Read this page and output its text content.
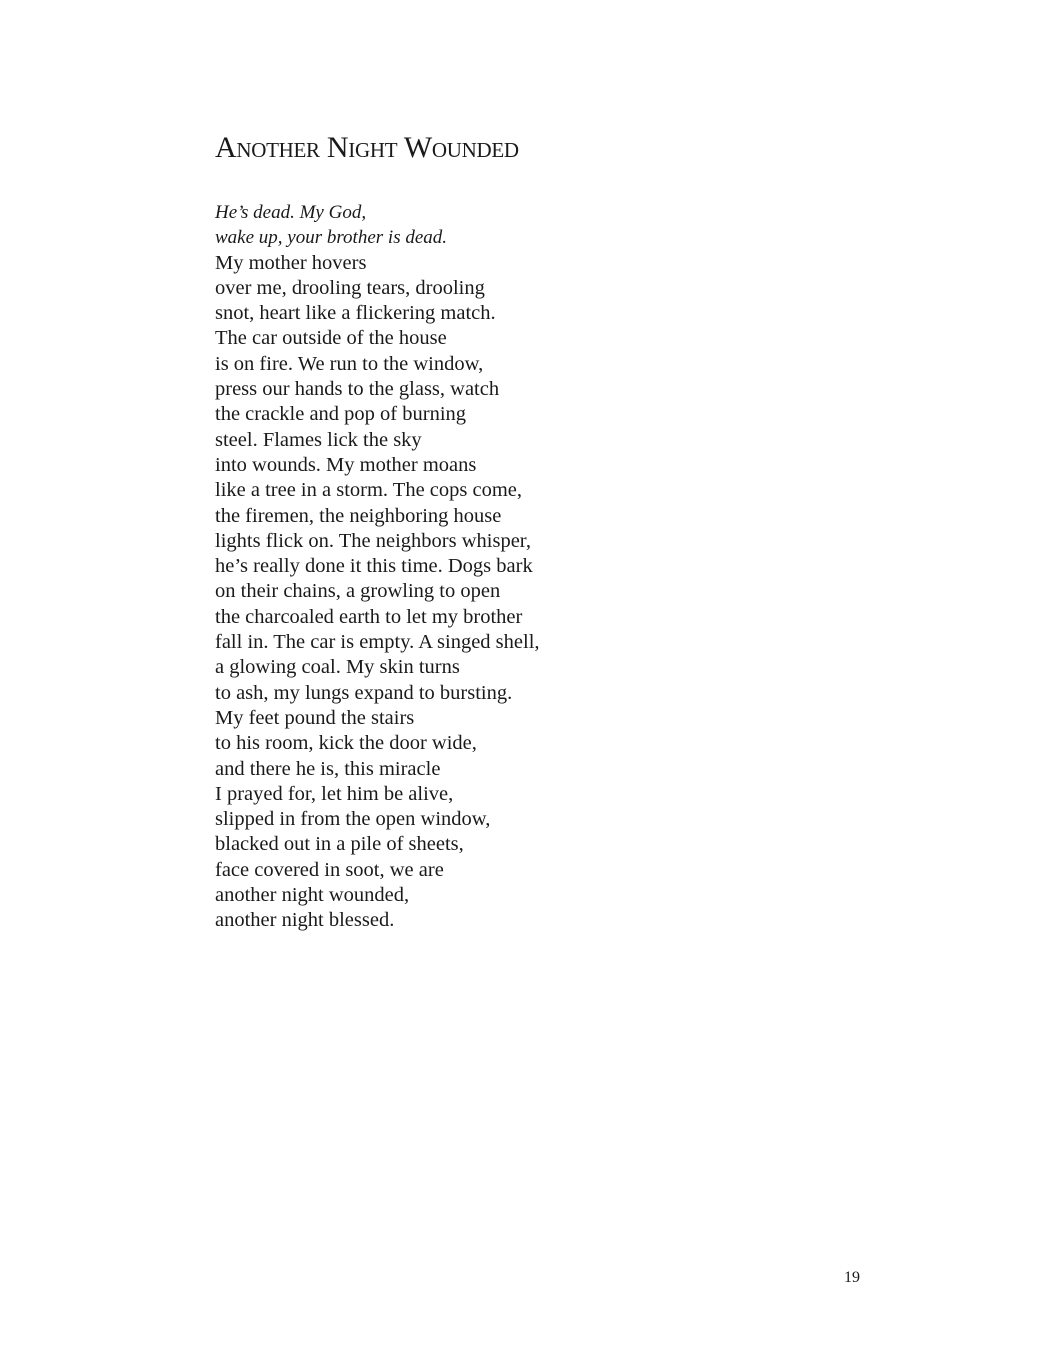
Another Night Wounded
He’s dead. My God,
wake up, your brother is dead.
My mother hovers
over me, drooling tears, drooling
snot, heart like a flickering match.
The car outside of the house
is on fire. We run to the window,
press our hands to the glass, watch
the crackle and pop of burning
steel. Flames lick the sky
into wounds. My mother moans
like a tree in a storm. The cops come,
the firemen, the neighboring house
lights flick on. The neighbors whisper,
he’s really done it this time. Dogs bark
on their chains, a growling to open
the charcoaled earth to let my brother
fall in. The car is empty. A singed shell,
a glowing coal. My skin turns
to ash, my lungs expand to bursting.
My feet pound the stairs
to his room, kick the door wide,
and there he is, this miracle
I prayed for, let him be alive,
slipped in from the open window,
blacked out in a pile of sheets,
face covered in soot, we are
another night wounded,
another night blessed.
19
